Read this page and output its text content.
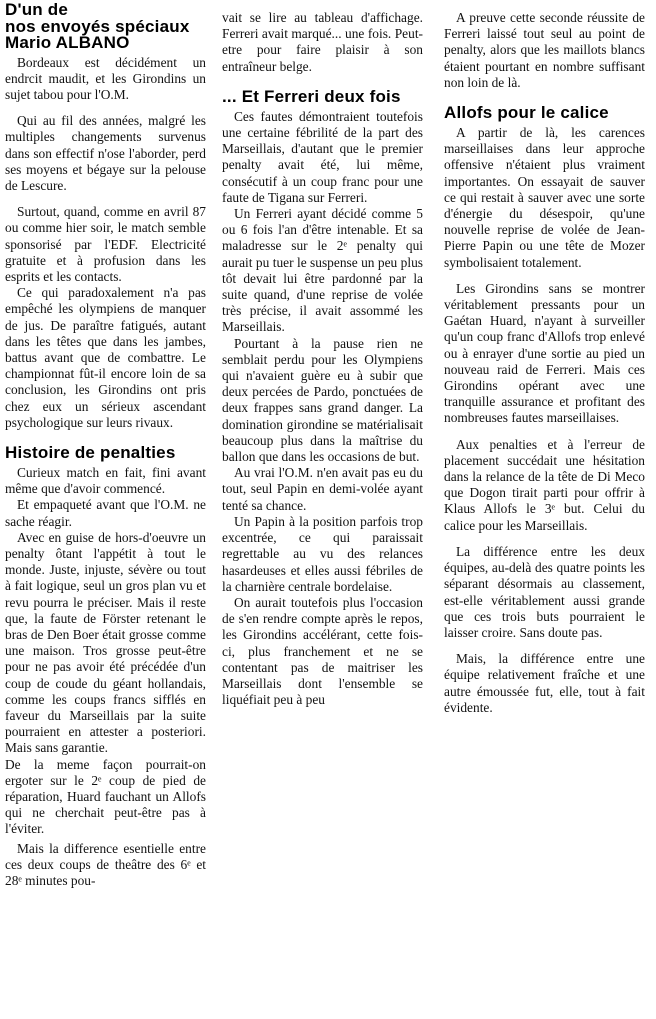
D'un de
nos envoyés spéciaux
Mario ALBANO

Bordeaux est décidément un endrcit maudit, et les Girondins un sujet tabou pour l'O.M.

Qui au fil des années, malgré les multiples changements survenus dans son effectif n'ose l'aborder, perd ses moyens et bégaye sur la pelouse de Lescure.

Surtout, quand, comme en avril 87 ou comme hier soir, le match semble sponsorisé par l'EDF. Electricité gratuite et à profusion dans les esprits et les contacts.

Ce qui paradoxalement n'a pas empêché les olympiens de manquer de jus. De paraître fatigués, autant dans les têtes que dans les jambes, battus avant que de combattre. Le championnat fût-il encore loin de sa conclusion, les Girondins ont pris chez eux un sérieux ascendant psychologique sur leurs rivaux.

Histoire de penalties

Curieux match en fait, fini avant même que d'avoir commencé.

Et empaqueté avant que l'O.M. ne sache réagir.

Avec en guise de hors-d'oeuvre un penalty ôtant l'appétit à tout le monde. Juste, injuste, sévère ou tout à fait logique, seul un gros plan vu et revu pourra le préciser. Mais il reste que, la faute de Förster retenant le bras de Den Boer était grosse comme une maison. Tros grosse peut-être pour ne pas avoir été précédée d'un coup de coude du géant hollandais, comme les coups francs sifflés en faveur du Marseillais par la suite pourraient en attester a posteriori. Mais sans garantie.

De la meme façon pourrait-on ergoter sur le 2ᵉ coup de pied de réparation, Huard fauchant un Allofs qui ne cherchait peut-être pas à l'éviter.

Mais la difference esentielle entre ces deux coups de theâtre des 6ᵉ et 28ᵉ minutes pou-

vait se lire au tableau d'affichage. Ferreri avait marqué... une fois. Peut-etre pour faire plaisir à son entraîneur belge.

... Et Ferreri deux fois

Ces fautes démontraient toutefois une certaine fébrilité de la part des Marseillais, d'autant que le premier penalty avait été, lui même, consécutif à un coup franc pour une faute de Tigana sur Ferreri.

Un Ferreri ayant décidé comme 5 ou 6 fois l'an d'être intenable. Et sa maladresse sur le 2ᵉ penalty qui aurait pu tuer le suspense un peu plus tôt devait lui être pardonné par la suite quand, d'une reprise de volée très précise, il avait assommé les Marseillais.

Pourtant à la pause rien ne semblait perdu pour les Olympiens qui n'avaient guère eu à subir que deux percées de Pardo, ponctuées de deux frappes sans grand danger. La domination girondine se matérialisait beaucoup plus dans la maîtrise du ballon que dans les occasions de but.

Au vrai l'O.M. n'en avait pas eu du tout, seul Papin en demi-volée ayant tenté sa chance.

Un Papin à la position parfois trop excentrée, ce qui paraissait regrettable au vu des relances hasardeuses et elles aussi fébriles de la charnière centrale bordelaise.

On aurait toutefois plus l'occasion de s'en rendre compte après le repos, les Girondins accélérant, cette fois-ci, plus franchement et ne se contentant pas de maitriser les Marseillais dont l'ensemble se liquéfiait peu à peu

A preuve cette seconde réussite de Ferreri laissé tout seul au point de penalty, alors que les maillots blancs étaient pourtant en nombre suffisant non loin de là.

Allofs pour le calice

A partir de là, les carences marseillaises dans leur approche offensive n'étaient plus vraiment importantes. On essayait de sauver ce qui restait à sauver avec une sorte d'énergie du désespoir, qu'une nouvelle reprise de volée de Jean-Pierre Papin ou une tête de Mozer symbolisaient totalement.

Les Girondins sans se montrer véritablement pressants pour un Gaétan Huard, n'ayant à surveiller qu'un coup franc d'Allofs trop enlevé ou à enrayer d'une sortie au pied un nouveau raid de Ferreri. Mais ces Girondins opérant avec une tranquille assurance et profitant des nombreuses fautes marseillaises.

Aux penalties et à l'erreur de placement succédait une hésitation dans la relance de la tête de Di Meco que Dogon tirait parti pour offrir à Klaus Allofs le 3ᵉ but. Celui du calice pour les Marseillais.

La différence entre les deux équipes, au-delà des quatre points les séparant désormais au classement, est-elle véritablement aussi grande que ces trois buts pourraient le laisser croire. Sans doute pas.

Mais, la différence entre une équipe relativement fraîche et une autre émoussée fut, elle, tout à fait évidente.
